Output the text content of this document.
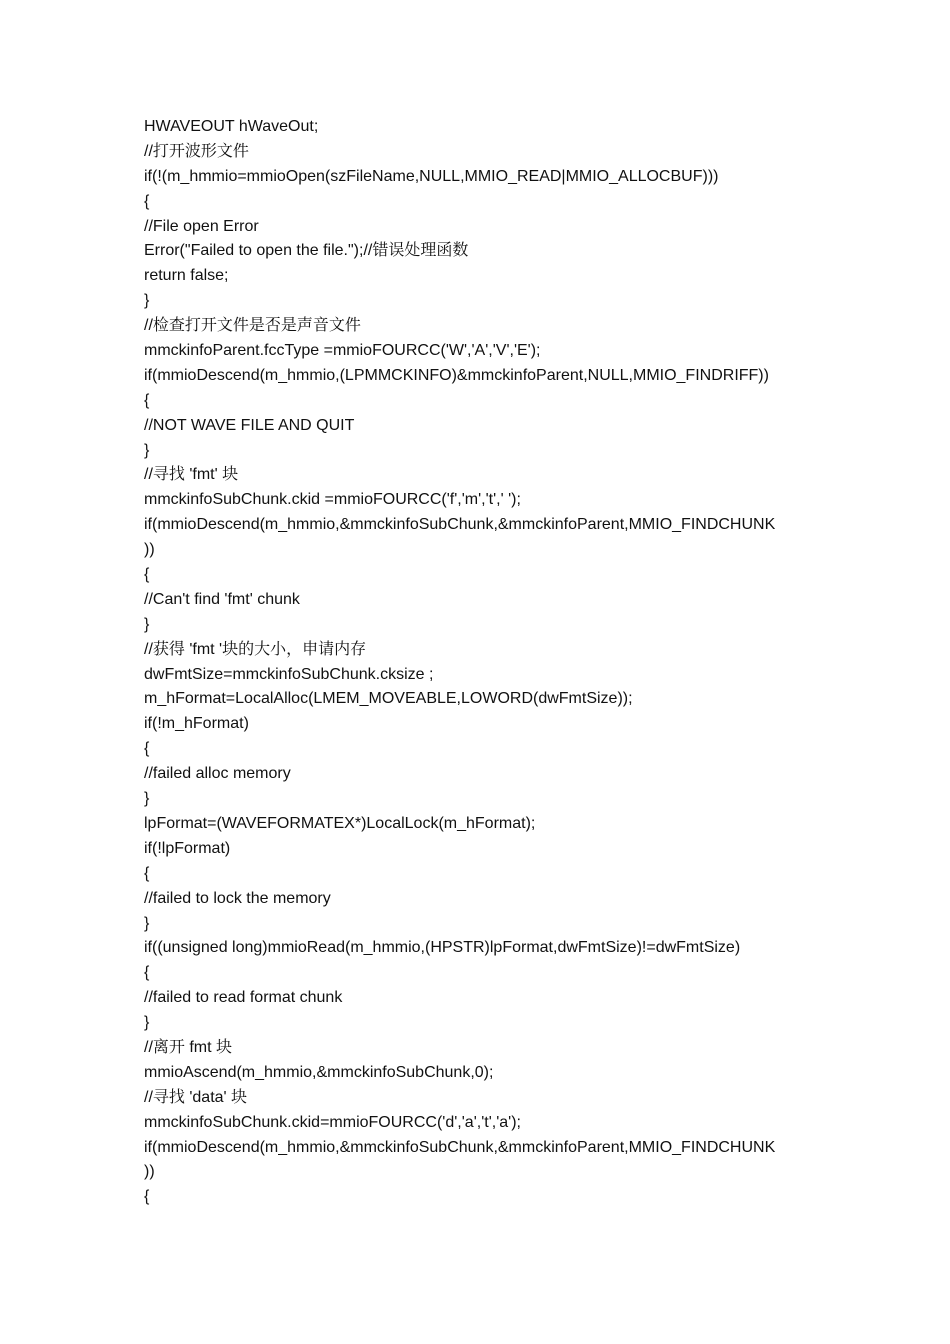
HWAVEOUT hWaveOut;
//打开波形文件
if(!(m_hmmio=mmioOpen(szFileName,NULL,MMIO_READ|MMIO_ALLOCBUF)))
{
//File open Error
Error("Failed to open the file.");//错误处理函数
return false;
}
//检查打开文件是否是声音文件
mmckinfoParent.fccType =mmioFOURCC('W','A','V','E');
if(mmioDescend(m_hmmio,(LPMMCKINFO)&mmckinfoParent,NULL,MMIO_FINDRIFF))
{
//NOT WAVE FILE AND QUIT
}
//寻找 'fmt' 块
mmckinfoSubChunk.ckid =mmioFOURCC('f','m','t',' ');
if(mmioDescend(m_hmmio,&mmckinfoSubChunk,&mmckinfoParent,MMIO_FINDCHUNK
))
{
//Can't find 'fmt' chunk
}
//获得 'fmt '块的大小，申请内存
dwFmtSize=mmckinfoSubChunk.cksize ;
m_hFormat=LocalAlloc(LMEM_MOVEABLE,LOWORD(dwFmtSize));
if(!m_hFormat)
{
//failed alloc memory
}
lpFormat=(WAVEFORMATEX*)LocalLock(m_hFormat);
if(!lpFormat)
{
//failed to lock the memory
}
if((unsigned long)mmioRead(m_hmmio,(HPSTR)lpFormat,dwFmtSize)!=dwFmtSize)
{
//failed to read format chunk
}
//离开 fmt 块
mmioAscend(m_hmmio,&mmckinfoSubChunk,0);
//寻找 'data' 块
mmckinfoSubChunk.ckid=mmioFOURCC('d','a','t','a');
if(mmioDescend(m_hmmio,&mmckinfoSubChunk,&mmckinfoParent,MMIO_FINDCHUNK
))
{
